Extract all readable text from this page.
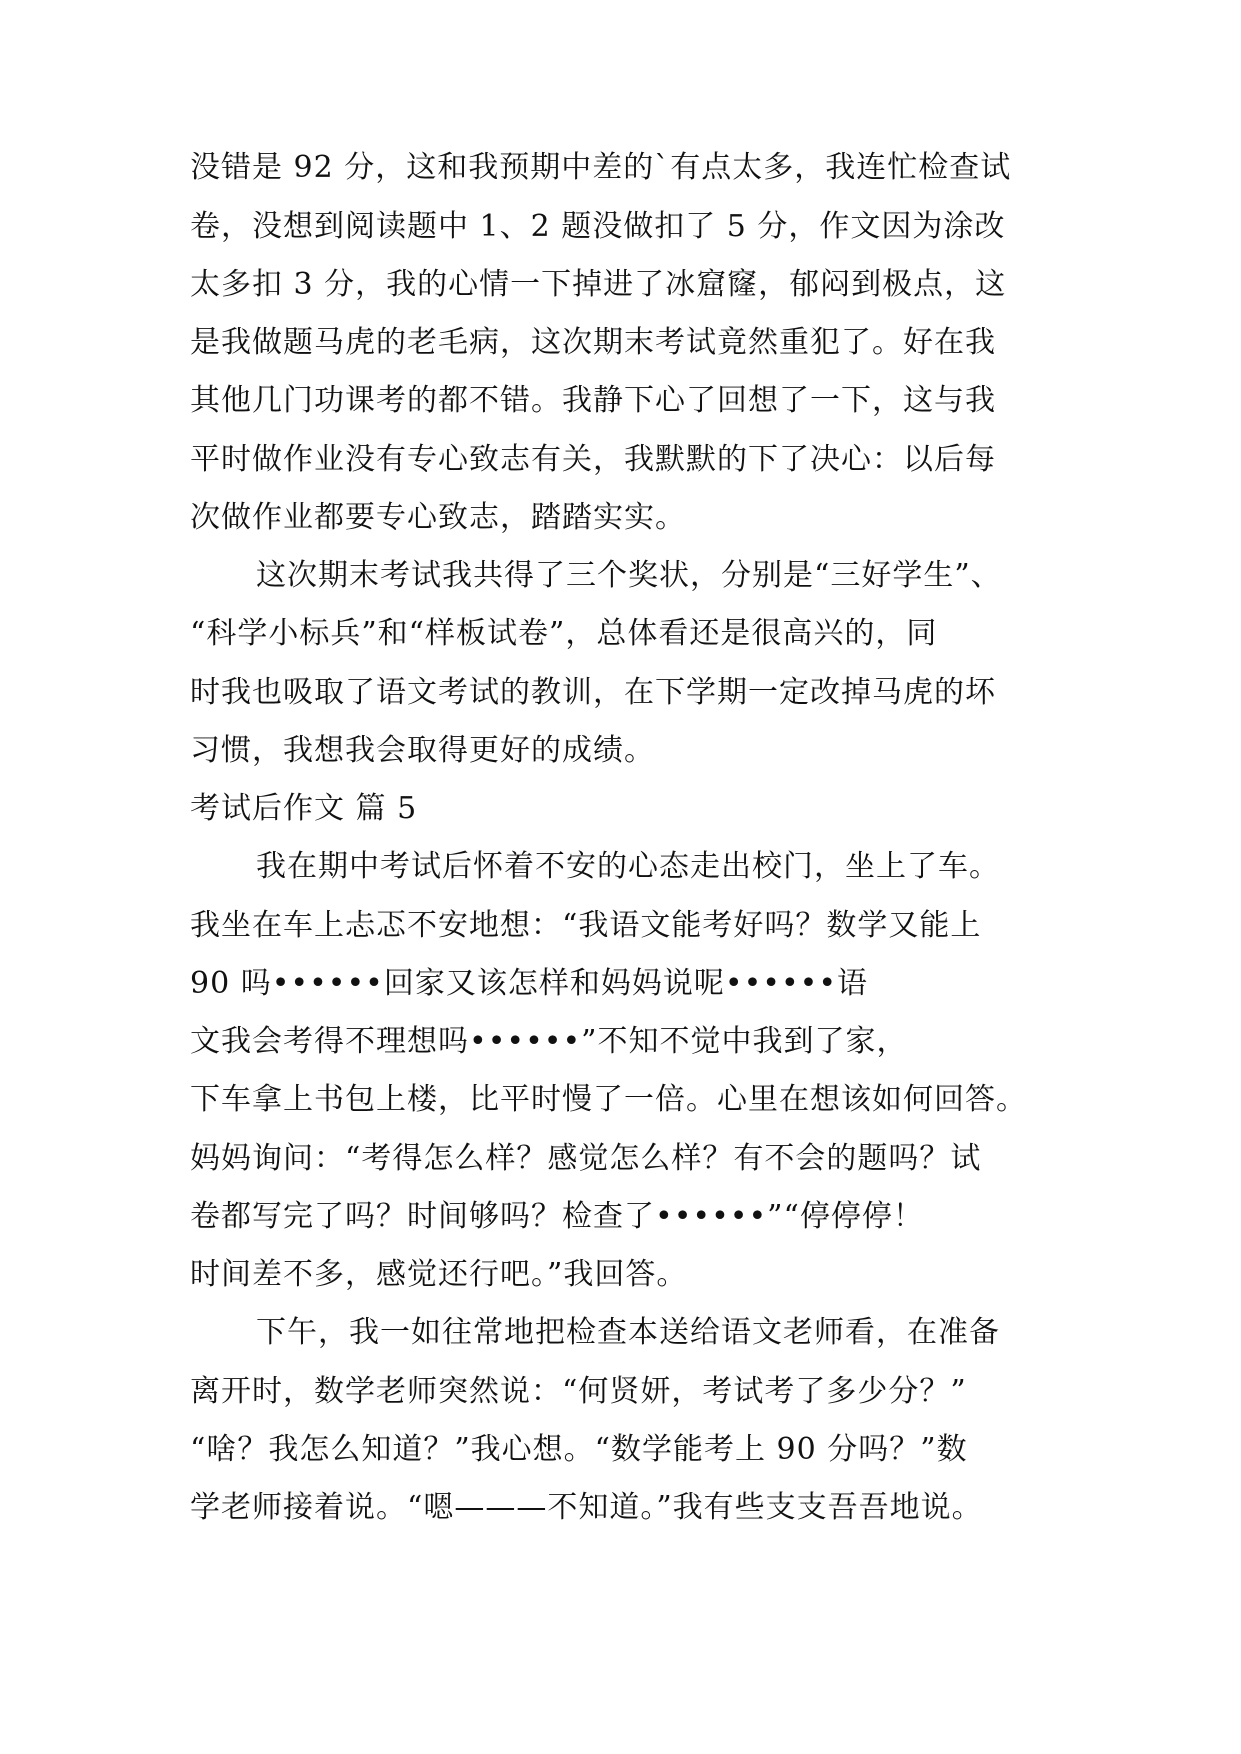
没错是 92 分，这和我预期中差的`有点太多，我连忙检查试
卷，没想到阅读题中 1、2 题没做扣了 5 分，作文因为涂改
太多扣 3 分，我的心情一下掉进了冰窟窿，郁闷到极点，这
是我做题马虎的老毛病，这次期末考试竟然重犯了。好在我
其他几门功课考的都不错。我静下心了回想了一下，这与我
平时做作业没有专心致志有关，我默默的下了决心：以后每
次做作业都要专心致志，踏踏实实。
这次期末考试我共得了三个奖状，分别是“三好学生”、
“科学小标兵”和“样板试卷”，总体看还是很高兴的，同
时我也吸取了语文考试的教训，在下学期一定改掉马虎的坏
习惯，我想我会取得更好的成绩。
考试后作文 篇 5
我在期中考试后怀着不安的心态走出校门，坐上了车。
我坐在车上忐忑不安地想：“我语文能考好吗？数学又能上
90 吗••••••回家又该怎样和妈妈说呢••••••语
文我会考得不理想吗••••••”不知不觉中我到了家，
下车拿上书包上楼，比平时慢了一倍。心里在想该如何回答。
妈妈询问：“考得怎么样？感觉怎么样？有不会的题吗？试
卷都写完了吗？时间够吗？检查了••••••”“停停停！
时间差不多，感觉还行吧。”我回答。
下午，我一如往常地把检查本送给语文老师看，在准备
离开时，数学老师突然说：“何贤妍，考试考了多少分？”
“啥？我怎么知道？”我心想。“数学能考上 90 分吗？”数
学老师接着说。“嗯———不知道。”我有些支支吾吾地说。
